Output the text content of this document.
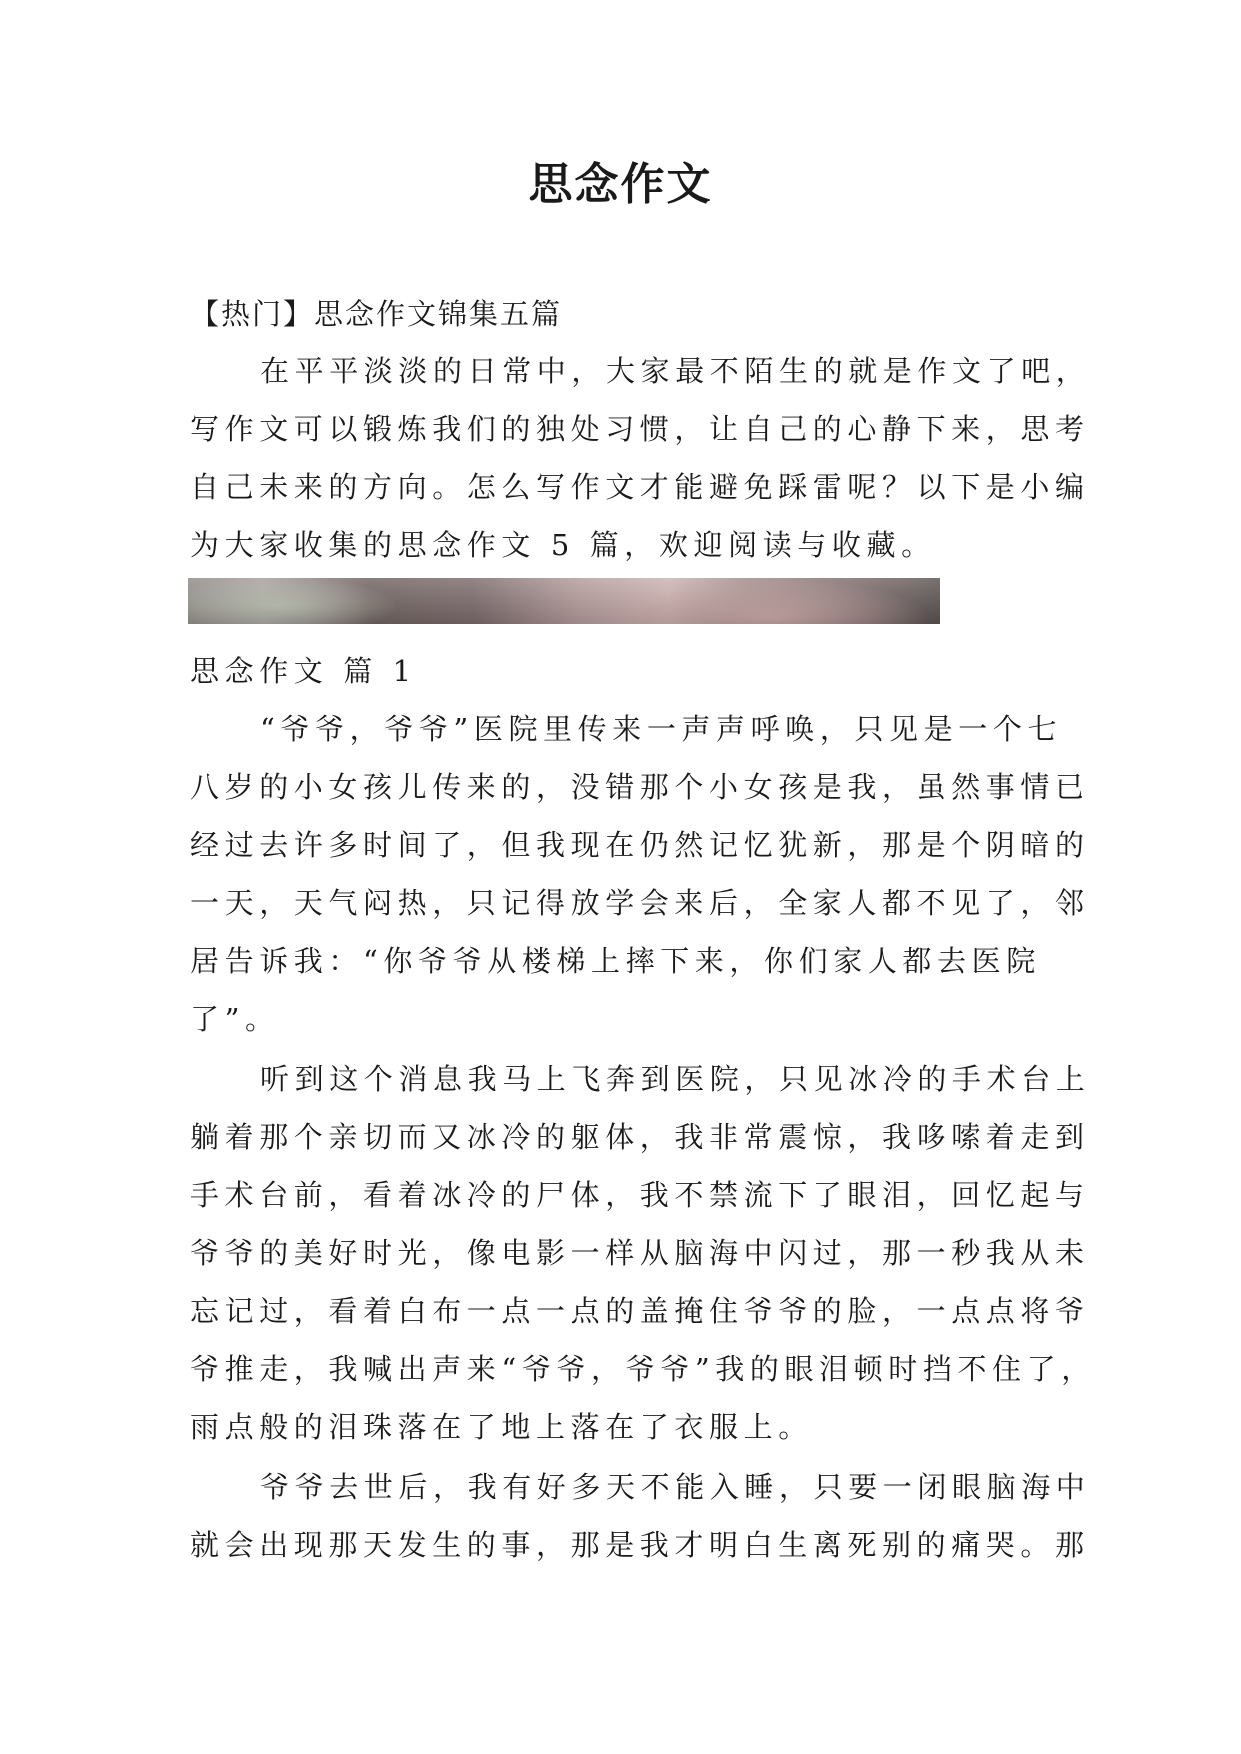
思念作文

【热门】思念作文锦集五篇

在平平淡淡的日常中，大家最不陌生的就是作文了吧，

写作文可以锻炼我们的独处习惯，让自己的心静下来，思考

自己未来的方向。怎么写作文才能避免踩雷呢？以下是小编

为大家收集的思念作文 5 篇，欢迎阅读与收藏。

思念作文 篇 1

“爷爷，爷爷”医院里传来一声声呼唤，只见是一个七

八岁的小女孩儿传来的，没错那个小女孩是我，虽然事情已

经过去许多时间了，但我现在仍然记忆犹新，那是个阴暗的

一天，天气闷热，只记得放学会来后，全家人都不见了，邻

居告诉我：“你爷爷从楼梯上摔下来，你们家人都去医院

了”。

听到这个消息我马上飞奔到医院，只见冰冷的手术台上

躺着那个亲切而又冰冷的躯体，我非常震惊，我哆嗦着走到

手术台前，看着冰冷的尸体，我不禁流下了眼泪，回忆起与

爷爷的美好时光，像电影一样从脑海中闪过，那一秒我从未

忘记过，看着白布一点一点的盖掩住爷爷的脸，一点点将爷

爷推走，我喊出声来“爷爷，爷爷”我的眼泪顿时挡不住了，

雨点般的泪珠落在了地上落在了衣服上。

爷爷去世后，我有好多天不能入睡，只要一闭眼脑海中

就会出现那天发生的事，那是我才明白生离死别的痛哭。那
